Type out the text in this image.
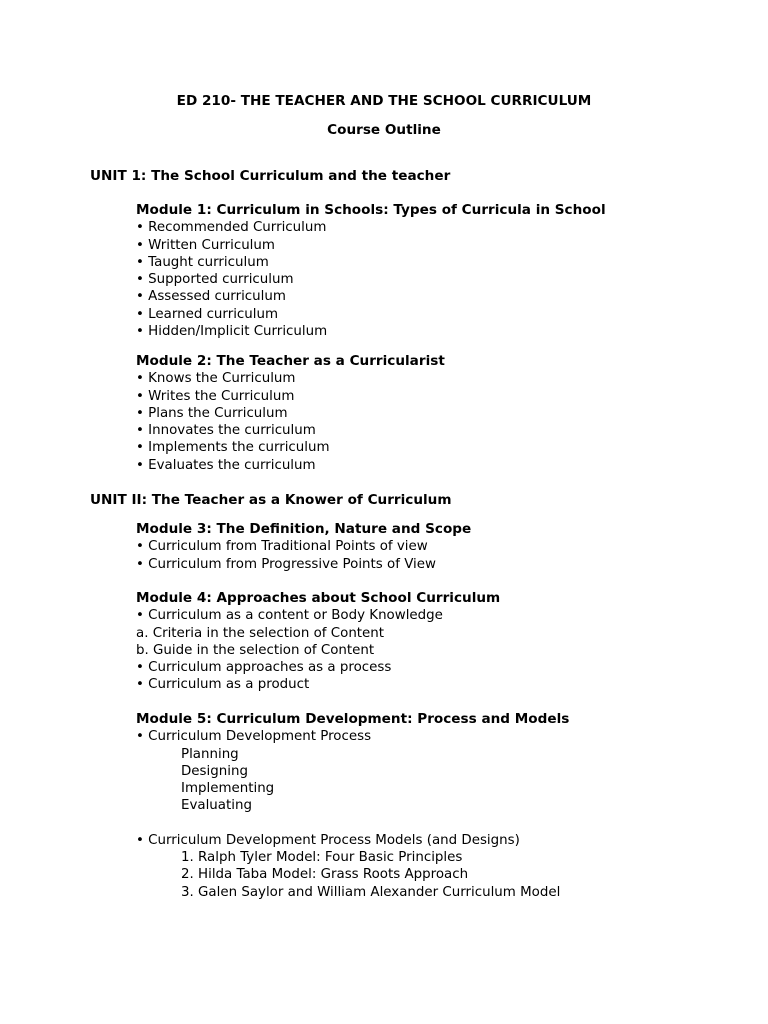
ED 210- THE TEACHER AND THE SCHOOL CURRICULUM
Course Outline
UNIT 1: The School Curriculum and the teacher
Module 1: Curriculum in Schools: Types of Curricula in School
• Recommended Curriculum
• Written Curriculum
• Taught curriculum
• Supported curriculum
• Assessed curriculum
• Learned curriculum
• Hidden/Implicit Curriculum
Module 2: The Teacher as a Curricularist
• Knows the Curriculum
• Writes the Curriculum
• Plans the Curriculum
• Innovates the curriculum
• Implements the curriculum
• Evaluates the curriculum
UNIT II: The Teacher as a Knower of Curriculum
Module 3: The Definition, Nature and Scope
• Curriculum from Traditional Points of view
• Curriculum from Progressive Points of View
Module 4: Approaches about School Curriculum
• Curriculum as a content or Body Knowledge
a. Criteria in the selection of Content
b. Guide in the selection of Content
• Curriculum approaches as a process
• Curriculum as a product
Module 5: Curriculum Development: Process and Models
• Curriculum Development Process
Planning
Designing
Implementing
Evaluating
• Curriculum Development Process Models (and Designs)
1. Ralph Tyler Model: Four Basic Principles
2. Hilda Taba Model: Grass Roots Approach
3. Galen Saylor and William Alexander Curriculum Model
